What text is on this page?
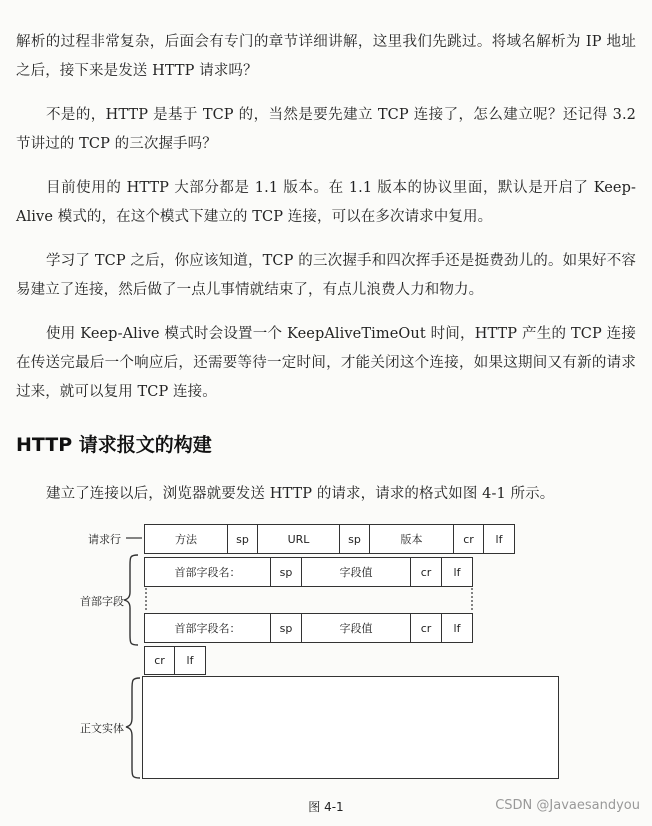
解析的过程非常复杂，后面会有专门的章节详细讲解，这里我们先跳过。将域名解析为 IP 地址之后，接下来是发送 HTTP 请求吗？

不是的，HTTP 是基于 TCP 的，当然是要先建立 TCP 连接了，怎么建立呢？还记得 3.2 节讲过的 TCP 的三次握手吗？

目前使用的 HTTP 大部分都是 1.1 版本。在 1.1 版本的协议里面，默认是开启了 Keep-Alive 模式的，在这个模式下建立的 TCP 连接，可以在多次请求中复用。

学习了 TCP 之后，你应该知道，TCP 的三次握手和四次挥手还是挺费劲儿的。如果好不容易建立了连接，然后做了一点儿事情就结束了，有点儿浪费人力和物力。

使用 Keep-Alive 模式时会设置一个 KeepAliveTimeOut 时间，HTTP 产生的 TCP 连接在传送完最后一个响应后，还需要等待一定时间，才能关闭这个连接，如果这期间又有新的请求过来，就可以复用 TCP 连接。

HTTP 请求报文的构建

建立了连接以后，浏览器就要发送 HTTP 的请求，请求的格式如图 4-1 所示。

请求行
首部字段
正文实体
方法	sp	URL	sp	版本	cr	lf
首部字段名：	sp	字段值	cr	lf
首部字段名：	sp	字段值	cr	lf
cr	lf
图 4-1	CSDN @Javaesandyou
